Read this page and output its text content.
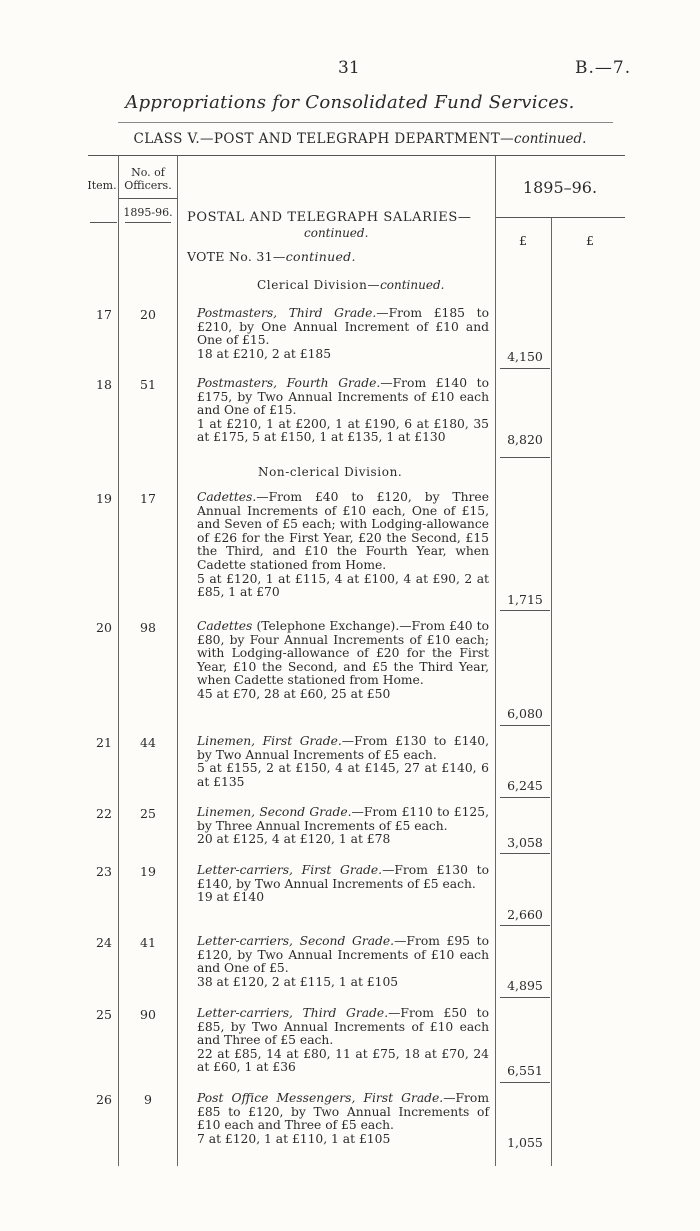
31	B.—7.
Appropriations for Consolidated Fund Services.
CLASS V.—POST AND TELEGRAPH DEPARTMENT—continued.
Item.
No. of Officers.
1895-96.
1895–96.
£	£
POSTAL AND TELEGRAPH SALARIES—
continued.
VOTE No. 31—continued.
Clerical Division—continued.
Non-clerical Division.
17	20	Postmasters, Third Grade.—From £185 to £210, by One Annual Increment of £10 and One of £15.
18 at £210, 2 at £185	4,150
18	51	Postmasters, Fourth Grade.—From £140 to £175, by Two Annual Increments of £10 each and One of £15.
1 at £210, 1 at £200, 1 at £190, 6 at £180, 35 at £175, 5 at £150, 1 at £135, 1 at £130	8,820
19	17	Cadettes.—From £40 to £120, by Three Annual Increments of £10 each, One of £15, and Seven of £5 each; with Lodging-allowance of £26 for the First Year, £20 the Second, £15 the Third, and £10 the Fourth Year, when Cadette stationed from Home.
5 at £120, 1 at £115, 4 at £100, 4 at £90, 2 at £85, 1 at £70	1,715
20	98	Cadettes (Telephone Exchange).—From £40 to £80, by Four Annual Increments of £10 each; with Lodging-allowance of £20 for the First Year, £10 the Second, and £5 the Third Year, when Cadette stationed from Home.
45 at £70, 28 at £60, 25 at £50
6,080
21	44	Linemen, First Grade.—From £130 to £140, by Two Annual Increments of £5 each.
5 at £155, 2 at £150, 4 at £145, 27 at £140, 6 at £135	6,245
22	25	Linemen, Second Grade.—From £110 to £125, by Three Annual Increments of £5 each.
20 at £125, 4 at £120, 1 at £78	3,058
23	19	Letter-carriers, First Grade.—From £130 to £140, by Two Annual Increments of £5 each.
19 at £140
2,660
24	41	Letter-carriers, Second Grade.—From £95 to £120, by Two Annual Increments of £10 each and One of £5.
38 at £120, 2 at £115, 1 at £105	4,895
25	90	Letter-carriers, Third Grade.—From £50 to £85, by Two Annual Increments of £10 each and Three of £5 each.
22 at £85, 14 at £80, 11 at £75, 18 at £70, 24 at £60, 1 at £36	6,551
26	9	Post Office Messengers, First Grade.—From £85 to £120, by Two Annual Increments of £10 each and Three of £5 each.
7 at £120, 1 at £110, 1 at £105	1,055
